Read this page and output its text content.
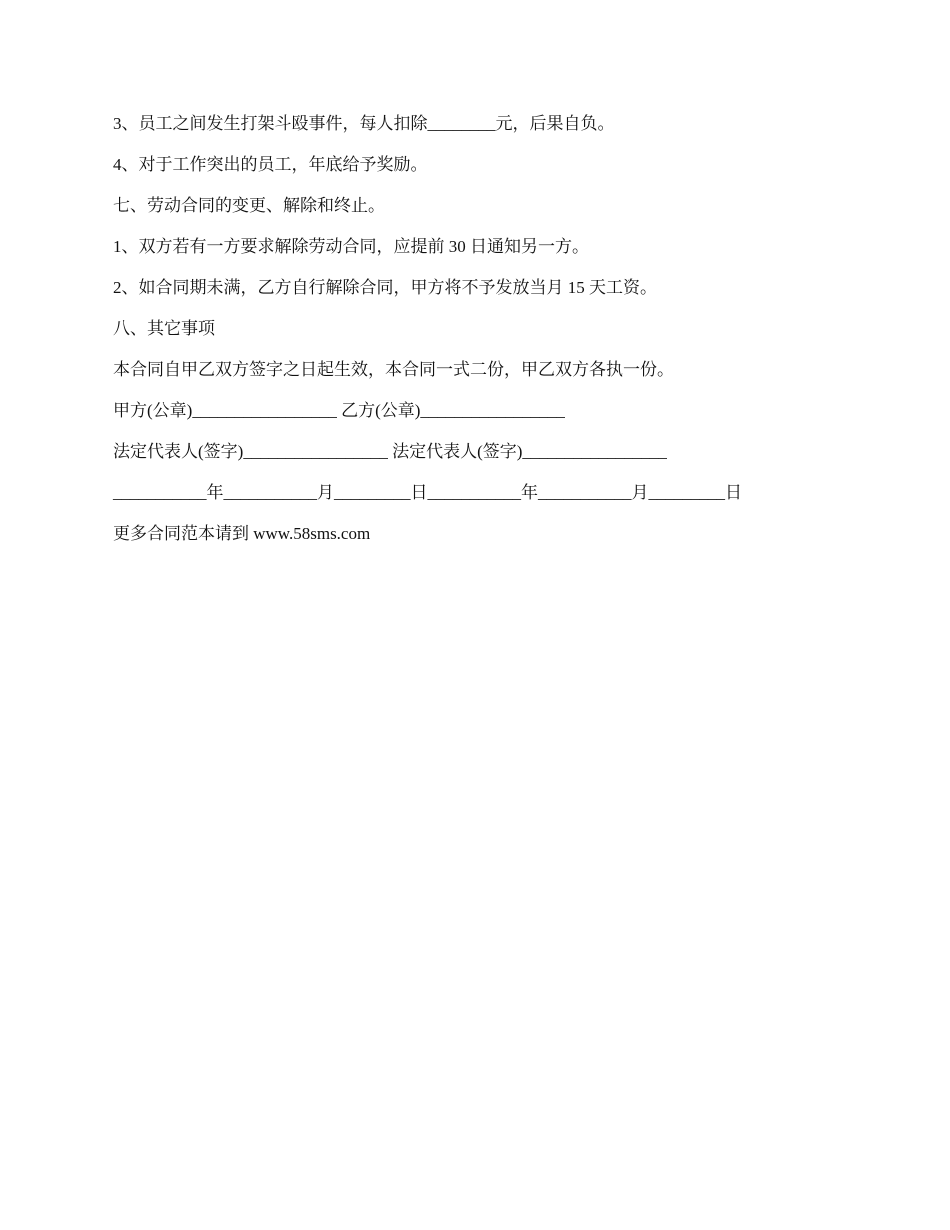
3、员工之间发生打架斗殴事件，每人扣除________元，后果自负。
4、对于工作突出的员工，年底给予奖励。
七、劳动合同的变更、解除和终止。
1、双方若有一方要求解除劳动合同，应提前 30 日通知另一方。
2、如合同期未满，乙方自行解除合同，甲方将不予发放当月 15 天工资。
八、其它事项
本合同自甲乙双方签字之日起生效，本合同一式二份，甲乙双方各执一份。
甲方(公章)_________________ 乙方(公章)_________________
法定代表人(签字)_________________ 法定代表人(签字)_________________
___________年___________月_________日___________年___________月_________日
更多合同范本请到 www.58sms.com
